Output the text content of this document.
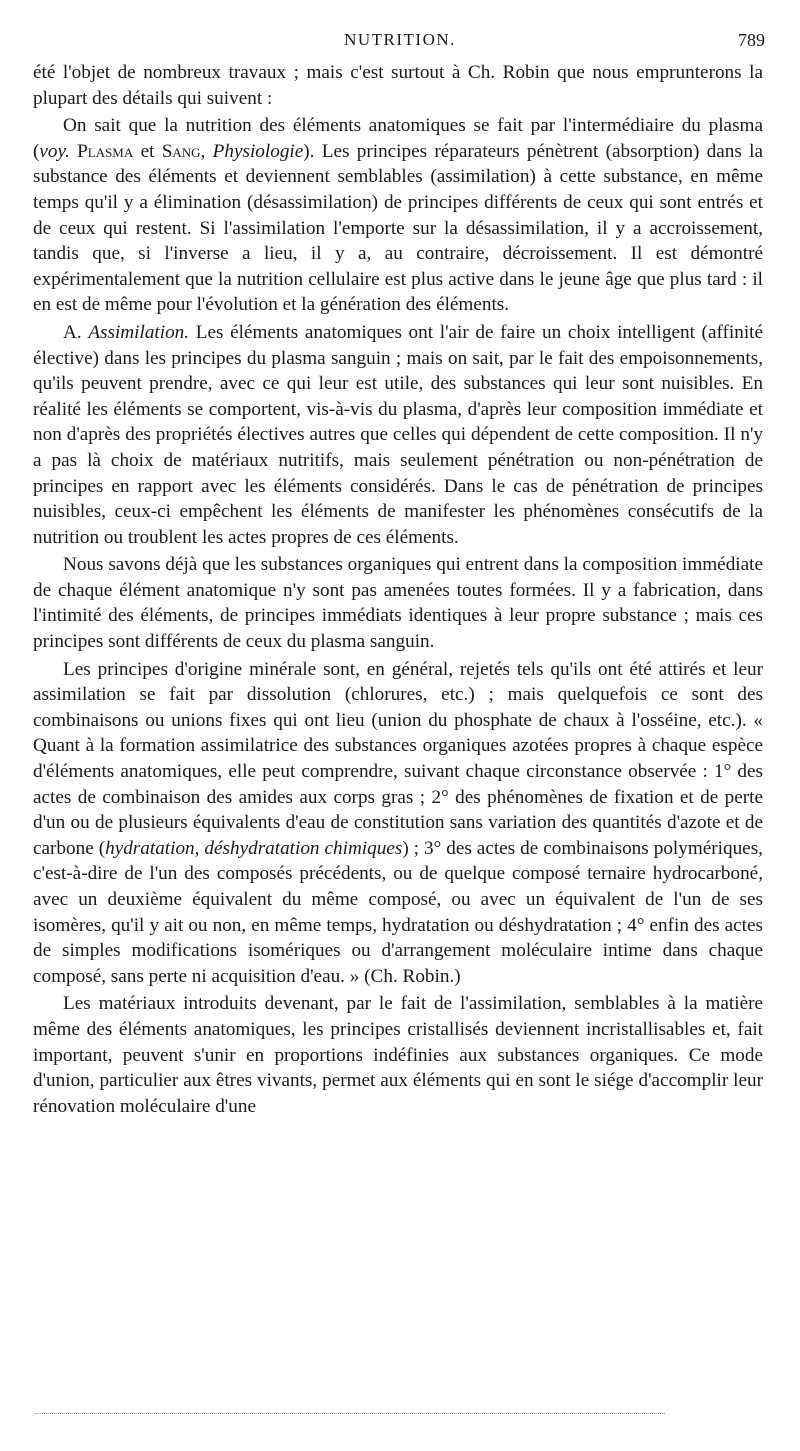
NUTRITION.	789

été l'objet de nombreux travaux ; mais c'est surtout à Ch. Robin que nous emprunterons la plupart des détails qui suivent :

On sait que la nutrition des éléments anatomiques se fait par l'intermédiaire du plasma (voy. Plasma et Sang, Physiologie). Les principes réparateurs pénètrent (absorption) dans la substance des éléments et deviennent semblables (assimilation) à cette substance, en même temps qu'il y a élimination (désassimilation) de principes différents de ceux qui sont entrés et de ceux qui restent. Si l'assimilation l'emporte sur la désassimilation, il y a accroissement, tandis que, si l'inverse a lieu, il y a, au contraire, décroissement. Il est démontré expérimentalement que la nutrition cellulaire est plus active dans le jeune âge que plus tard : il en est de même pour l'évolution et la génération des éléments.

A. Assimilation. Les éléments anatomiques ont l'air de faire un choix intelligent (affinité élective) dans les principes du plasma sanguin ; mais on sait, par le fait des empoisonnements, qu'ils peuvent prendre, avec ce qui leur est utile, des substances qui leur sont nuisibles. En réalité les éléments se comportent, vis-à-vis du plasma, d'après leur composition immédiate et non d'après des propriétés électives autres que celles qui dépendent de cette composition. Il n'y a pas là choix de matériaux nutritifs, mais seulement pénétration ou non-pénétration de principes en rapport avec les éléments considérés. Dans le cas de pénétration de principes nuisibles, ceux-ci empêchent les éléments de manifester les phénomènes consécutifs de la nutrition ou troublent les actes propres de ces éléments.

Nous savons déjà que les substances organiques qui entrent dans la composition immédiate de chaque élément anatomique n'y sont pas amenées toutes formées. Il y a fabrication, dans l'intimité des éléments, de principes immédiats identiques à leur propre substance ; mais ces principes sont différents de ceux du plasma sanguin.

Les principes d'origine minérale sont, en général, rejetés tels qu'ils ont été attirés et leur assimilation se fait par dissolution (chlorures, etc.) ; mais quelquefois ce sont des combinaisons ou unions fixes qui ont lieu (union du phosphate de chaux à l'osséine, etc.). « Quant à la formation assimilatrice des substances organiques azotées propres à chaque espèce d'éléments anatomiques, elle peut comprendre, suivant chaque circonstance observée : 1° des actes de combinaison des amides aux corps gras ; 2° des phénomènes de fixation et de perte d'un ou de plusieurs équivalents d'eau de constitution sans variation des quantités d'azote et de carbone (hydratation, déshydratation chimiques) ; 3° des actes de combinaisons polymériques, c'est-à-dire de l'un des composés précédents, ou de quelque composé ternaire hydrocarboné, avec un deuxième équivalent du même composé, ou avec un équivalent de l'un de ses isomères, qu'il y ait ou non, en même temps, hydratation ou déshydratation ; 4° enfin des actes de simples modifications isomériques ou d'arrangement moléculaire intime dans chaque composé, sans perte ni acquisition d'eau. » (Ch. Robin.)

Les matériaux introduits devenant, par le fait de l'assimilation, semblables à la matière même des éléments anatomiques, les principes cristallisés deviennent incristallisables et, fait important, peuvent s'unir en proportions indéfinies aux substances organiques. Ce mode d'union, particulier aux êtres vivants, permet aux éléments qui en sont le siége d'accomplir leur rénovation moléculaire d'une
